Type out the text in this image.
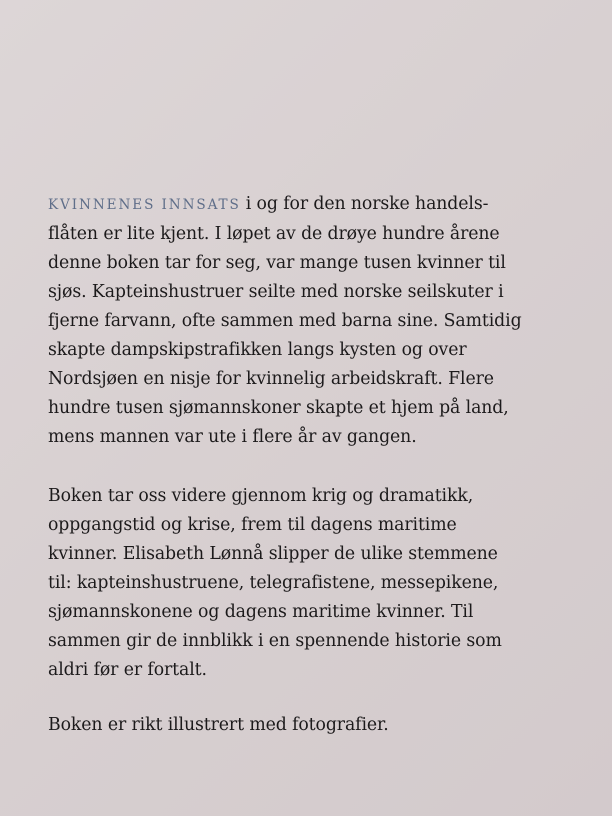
KVINNENES INNSATS i og for den norske handels-
flåten er lite kjent. I løpet av de drøye hundre årene
denne boken tar for seg, var mange tusen kvinner til
sjøs. Kapteinshustruer seilte med norske seilskuter i
fjerne farvann, ofte sammen med barna sine. Samtidig
skapte dampskipstrafikken langs kysten og over
Nordsjøen en nisje for kvinnelig arbeidskraft. Flere
hundre tusen sjømannskoner skapte et hjem på land,
mens mannen var ute i flere år av gangen.

Boken tar oss videre gjennom krig og dramatikk,
oppgangstid og krise, frem til dagens maritime
kvinner. Elisabeth Lønnå slipper de ulike stemmene
til: kapteinshustruene, telegrafistene, messepikene,
sjømannskonene og dagens maritime kvinner. Til
sammen gir de innblikk i en spennende historie som
aldri før er fortalt.

Boken er rikt illustrert med fotografier.
